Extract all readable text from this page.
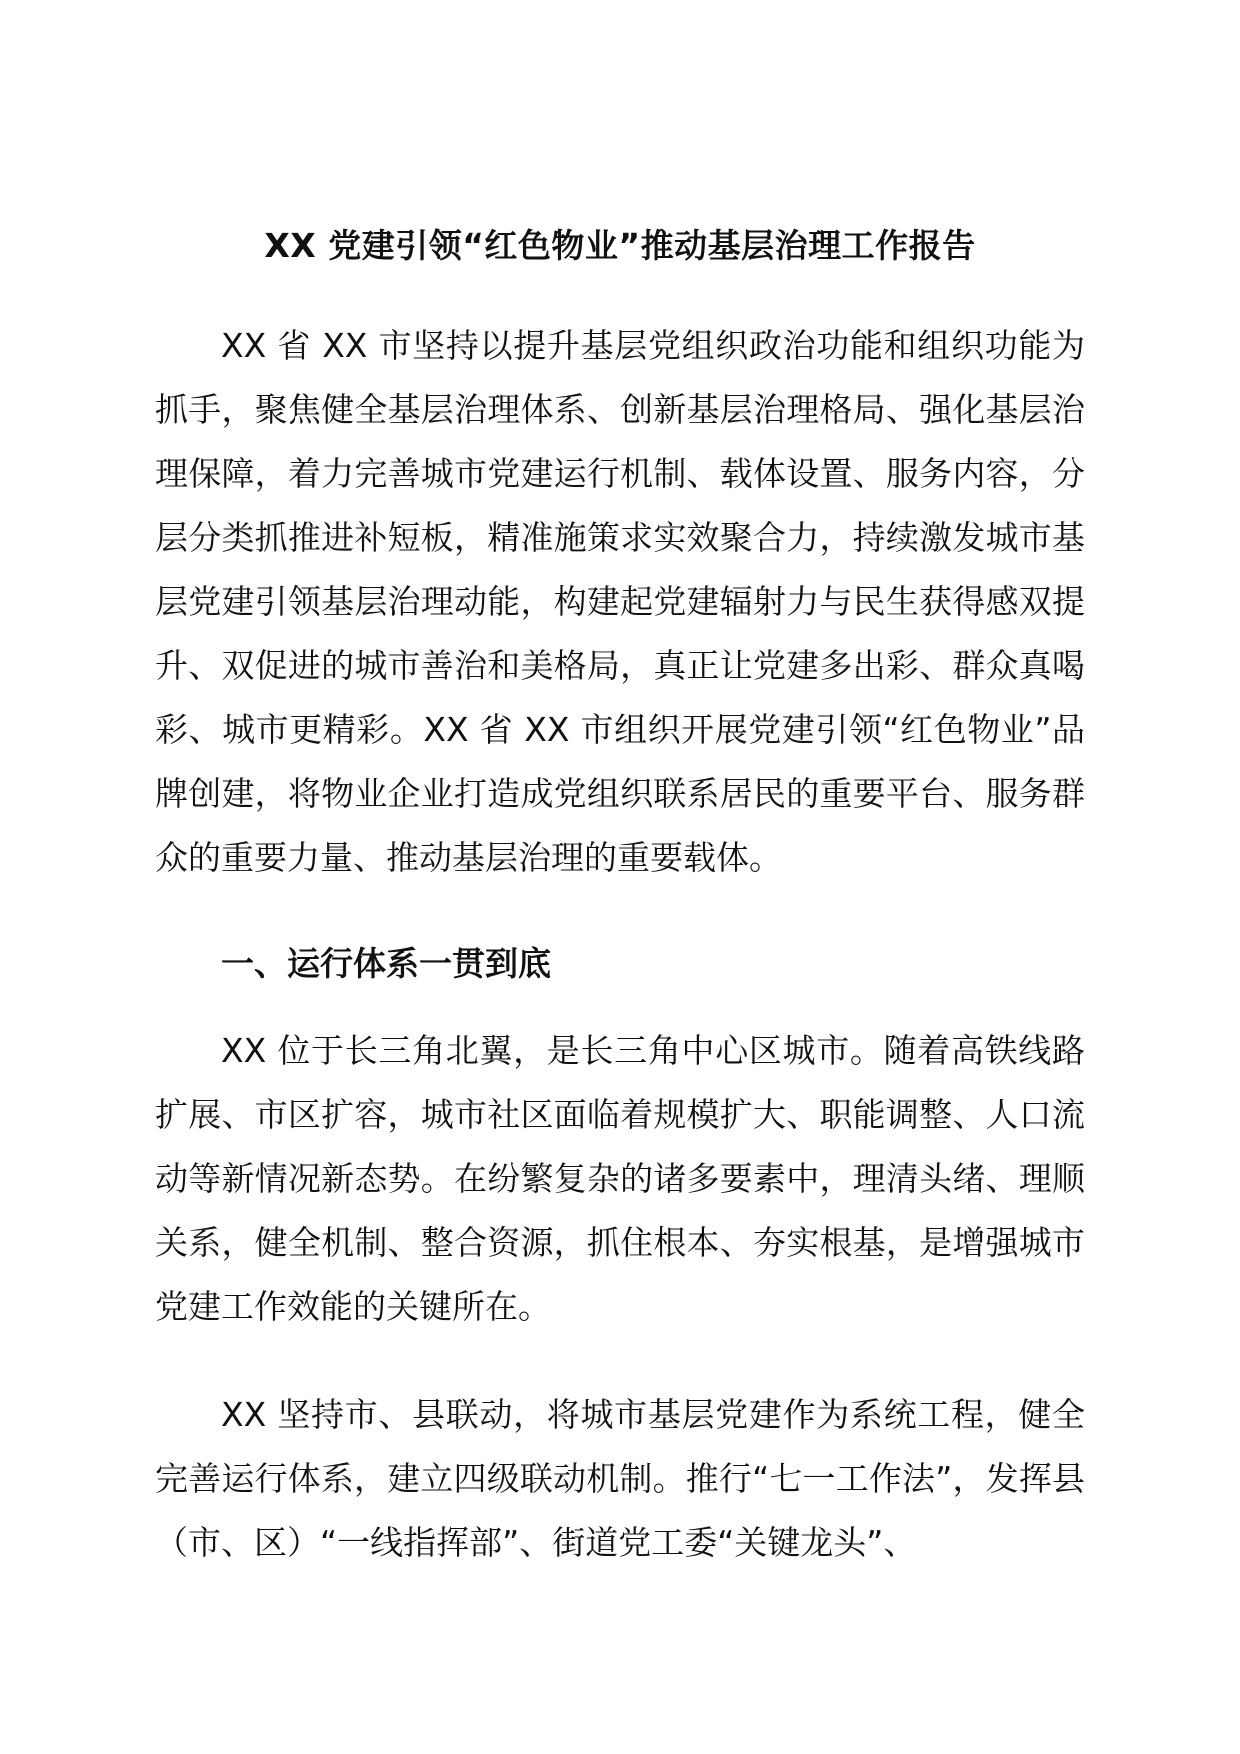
XX 党建引领“红色物业”推动基层治理工作报告

XX 省 XX 市坚持以提升基层党组织政治功能和组织功能为抓手，聚焦健全基层治理体系、创新基层治理格局、强化基层治理保障，着力完善城市党建运行机制、载体设置、服务内容，分层分类抓推进补短板，精准施策求实效聚合力，持续激发城市基层党建引领基层治理动能，构建起党建辐射力与民生获得感双提升、双促进的城市善治和美格局，真正让党建多出彩、群众真喝彩、城市更精彩。XX 省 XX 市组织开展党建引领“红色物业”品牌创建，将物业企业打造成党组织联系居民的重要平台、服务群众的重要力量、推动基层治理的重要载体。

一、运行体系一贯到底

XX 位于长三角北翼，是长三角中心区城市。随着高铁线路扩展、市区扩容，城市社区面临着规模扩大、职能调整、人口流动等新情况新态势。在纷繁复杂的诸多要素中，理清头绪、理顺关系，健全机制、整合资源，抓住根本、夯实根基，是增强城市党建工作效能的关键所在。

XX 坚持市、县联动，将城市基层党建作为系统工程，健全完善运行体系，建立四级联动机制。推行“七一工作法”，发挥县（市、区）“一线指挥部”、街道党工委“关键龙头”、
